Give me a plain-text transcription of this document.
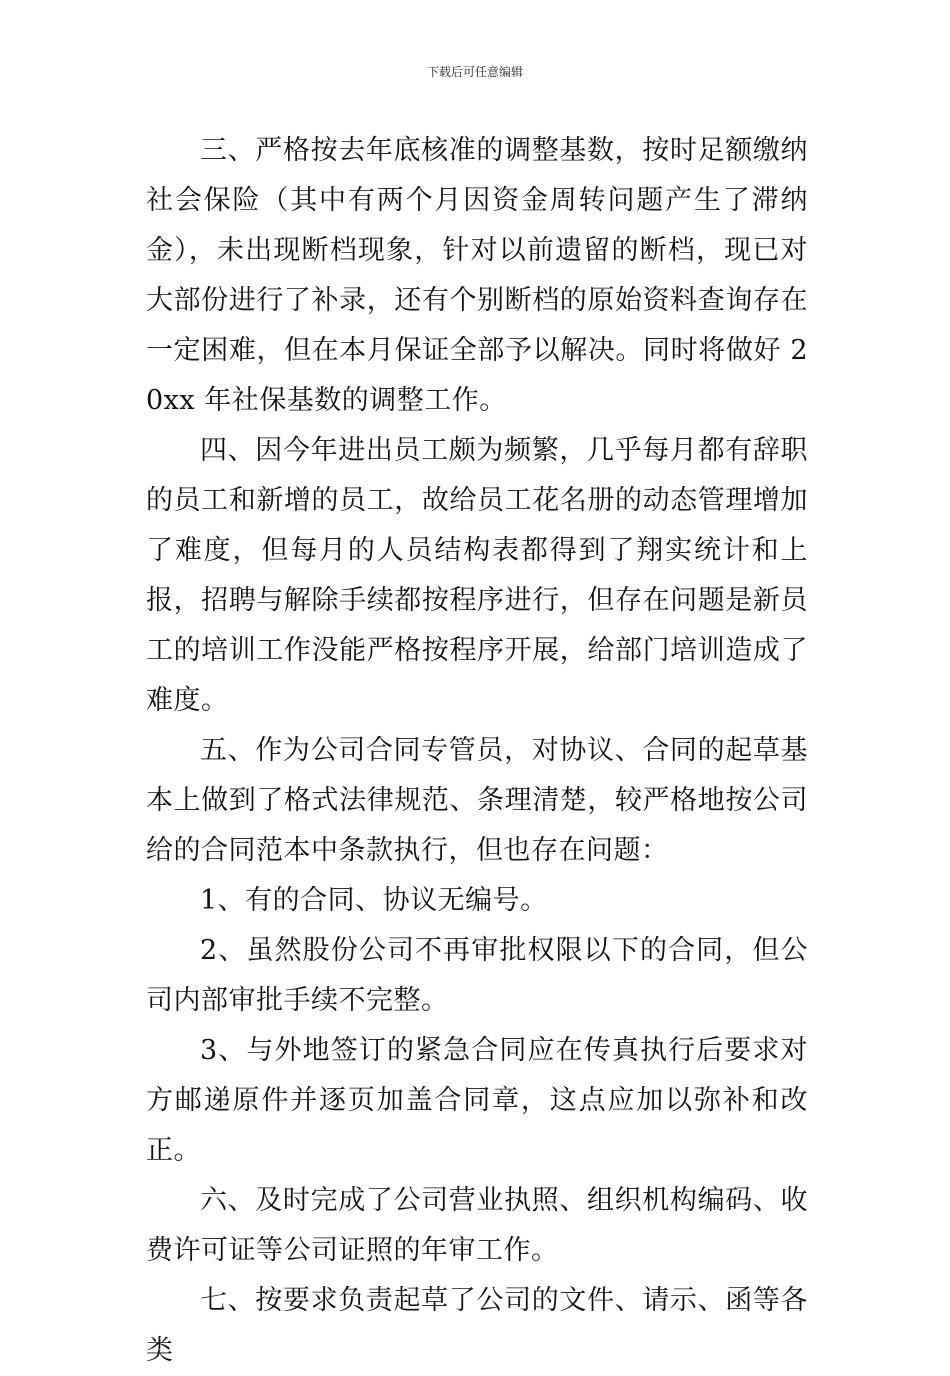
下载后可任意编辑

三、严格按去年底核准的调整基数，按时足额缴纳社会保险（其中有两个月因资金周转问题产生了滞纳金），未出现断档现象，针对以前遗留的断档，现已对大部份进行了补录，还有个别断档的原始资料查询存在一定困难，但在本月保证全部予以解决。同时将做好 20xx 年社保基数的调整工作。

四、因今年进出员工颇为频繁，几乎每月都有辞职的员工和新增的员工，故给员工花名册的动态管理增加了难度，但每月的人员结构表都得到了翔实统计和上报，招聘与解除手续都按程序进行，但存在问题是新员工的培训工作没能严格按程序开展，给部门培训造成了难度。

五、作为公司合同专管员，对协议、合同的起草基本上做到了格式法律规范、条理清楚，较严格地按公司给的合同范本中条款执行，但也存在问题：

1、有的合同、协议无编号。

2、虽然股份公司不再审批权限以下的合同，但公司内部审批手续不完整。

3、与外地签订的紧急合同应在传真执行后要求对方邮递原件并逐页加盖合同章，这点应加以弥补和改正。

六、及时完成了公司营业执照、组织机构编码、收费许可证等公司证照的年审工作。

七、按要求负责起草了公司的文件、请示、函等各类
